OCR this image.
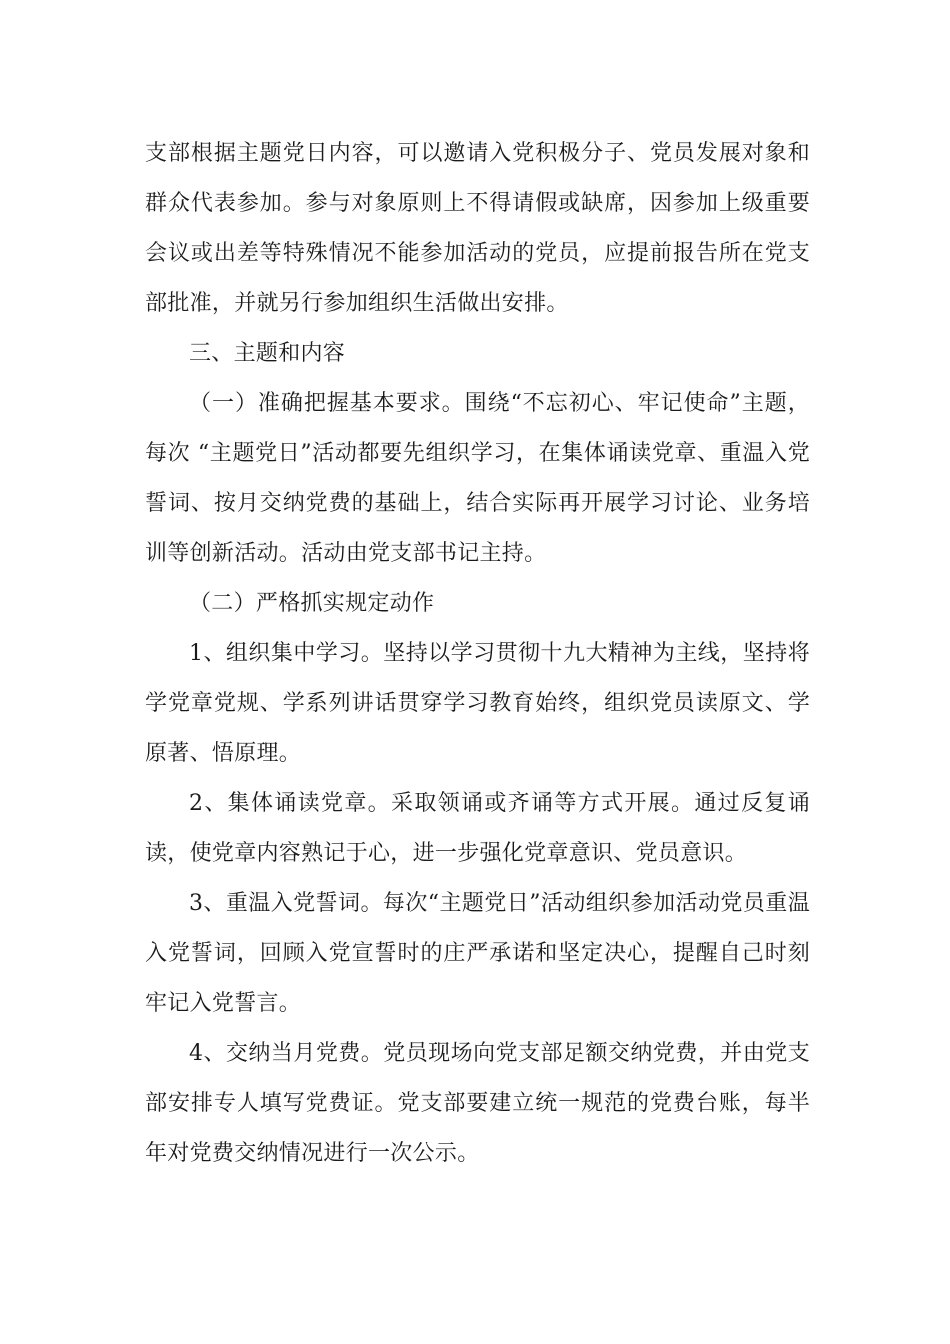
支部根据主题党日内容，可以邀请入党积极分子、党员发展对象和群众代表参加。参与对象原则上不得请假或缺席，因参加上级重要会议或出差等特殊情况不能参加活动的党员，应提前报告所在党支部批准，并就另行参加组织生活做出安排。

三、主题和内容

（一）准确把握基本要求。围绕“不忘初心、牢记使命”主题，每次 “主题党日”活动都要先组织学习，在集体诵读党章、重温入党誓词、按月交纳党费的基础上，结合实际再开展学习讨论、业务培训等创新活动。活动由党支部书记主持。

（二）严格抓实规定动作

1、组织集中学习。坚持以学习贯彻十九大精神为主线，坚持将学党章党规、学系列讲话贯穿学习教育始终，组织党员读原文、学原著、悟原理。

2、集体诵读党章。采取领诵或齐诵等方式开展。通过反复诵读，使党章内容熟记于心，进一步强化党章意识、党员意识。

3、重温入党誓词。每次“主题党日”活动组织参加活动党员重温入党誓词，回顾入党宣誓时的庄严承诺和坚定决心，提醒自己时刻牢记入党誓言。

4、交纳当月党费。党员现场向党支部足额交纳党费，并由党支部安排专人填写党费证。党支部要建立统一规范的党费台账，每半年对党费交纳情况进行一次公示。
